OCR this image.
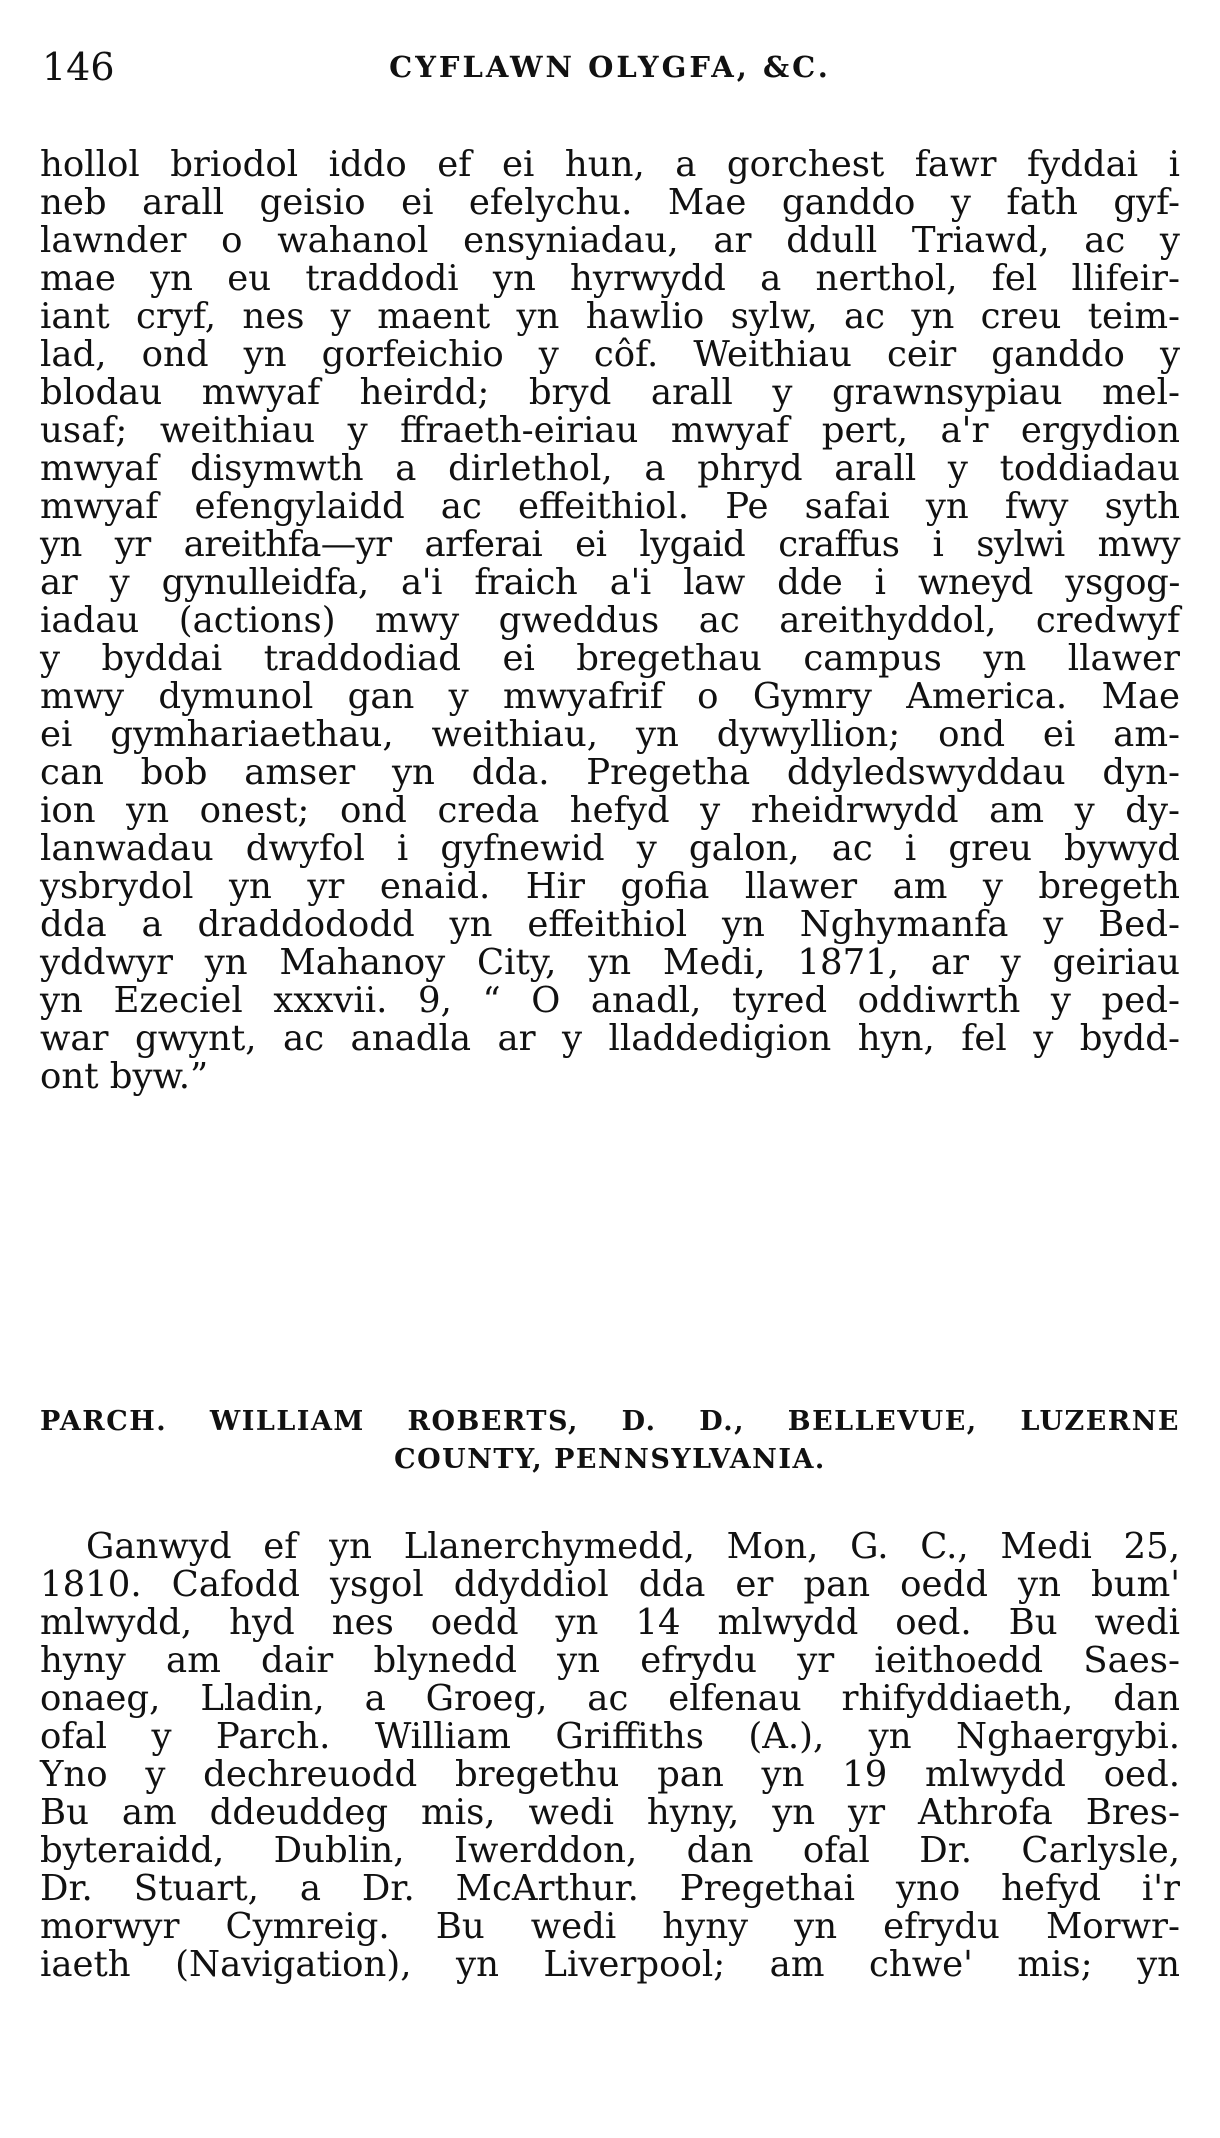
146	CYFLAWN OLYGFA, &C.
hollol briodol iddo ef ei hun, a gorchest fawr fyddai i
neb arall geisio ei efelychu. Mae ganddo y fath gyf-
lawnder o wahanol ensyniadau, ar ddull Triawd, ac y
mae yn eu traddodi yn hyrwydd a nerthol, fel llifeir-
iant cryf, nes y maent yn hawlio sylw, ac yn creu teim-
lad, ond yn gorfeichio y côf. Weithiau ceir ganddo y
blodau mwyaf heirdd; bryd arall y grawnsypiau mel-
usaf; weithiau y ffraeth-eiriau mwyaf pert, a'r ergydion
mwyaf disymwth a dirlethol, a phryd arall y toddiadau
mwyaf efengylaidd ac effeithiol. Pe safai yn fwy syth
yn yr areithfa—yr arferai ei lygaid craffus i sylwi mwy
ar y gynulleidfa, a'i fraich a'i law dde i wneyd ysgog-
iadau (actions) mwy gweddus ac areithyddol, credwyf
y byddai traddodiad ei bregethau campus yn llawer
mwy dymunol gan y mwyafrif o Gymry America. Mae
ei gymhariaethau, weithiau, yn dywyllion; ond ei am-
can bob amser yn dda. Pregetha ddyledswyddau dyn-
ion yn onest; ond creda hefyd y rheidrwydd am y dy-
lanwadau dwyfol i gyfnewid y galon, ac i greu bywyd
ysbrydol yn yr enaid. Hir gofia llawer am y bregeth
dda a draddododd yn effeithiol yn Nghymanfa y Bed-
yddwyr yn Mahanoy City, yn Medi, 1871, ar y geiriau
yn Ezeciel xxxvii. 9, “ O anadl, tyred oddiwrth y ped-
war gwynt, ac anadla ar y lladdedigion hyn, fel y bydd-
ont byw.”
PARCH. WILLIAM ROBERTS, D. D., BELLEVUE, LUZERNE
COUNTY, PENNSYLVANIA.
Ganwyd ef yn Llanerchymedd, Mon, G. C., Medi 25,
1810. Cafodd ysgol ddyddiol dda er pan oedd yn bum'
mlwydd, hyd nes oedd yn 14 mlwydd oed. Bu wedi
hyny am dair blynedd yn efrydu yr ieithoedd Saes-
onaeg, Lladin, a Groeg, ac elfenau rhifyddiaeth, dan
ofal y Parch. William Griffiths (A.), yn Nghaergybi.
Yno y dechreuodd bregethu pan yn 19 mlwydd oed.
Bu am ddeuddeg mis, wedi hyny, yn yr Athrofa Bres-
byteraidd, Dublin, Iwerddon, dan ofal Dr. Carlysle,
Dr. Stuart, a Dr. McArthur. Pregethai yno hefyd i'r
morwyr Cymreig. Bu wedi hyny yn efrydu Morwr-
iaeth (Navigation), yn Liverpool; am chwe' mis; yn
